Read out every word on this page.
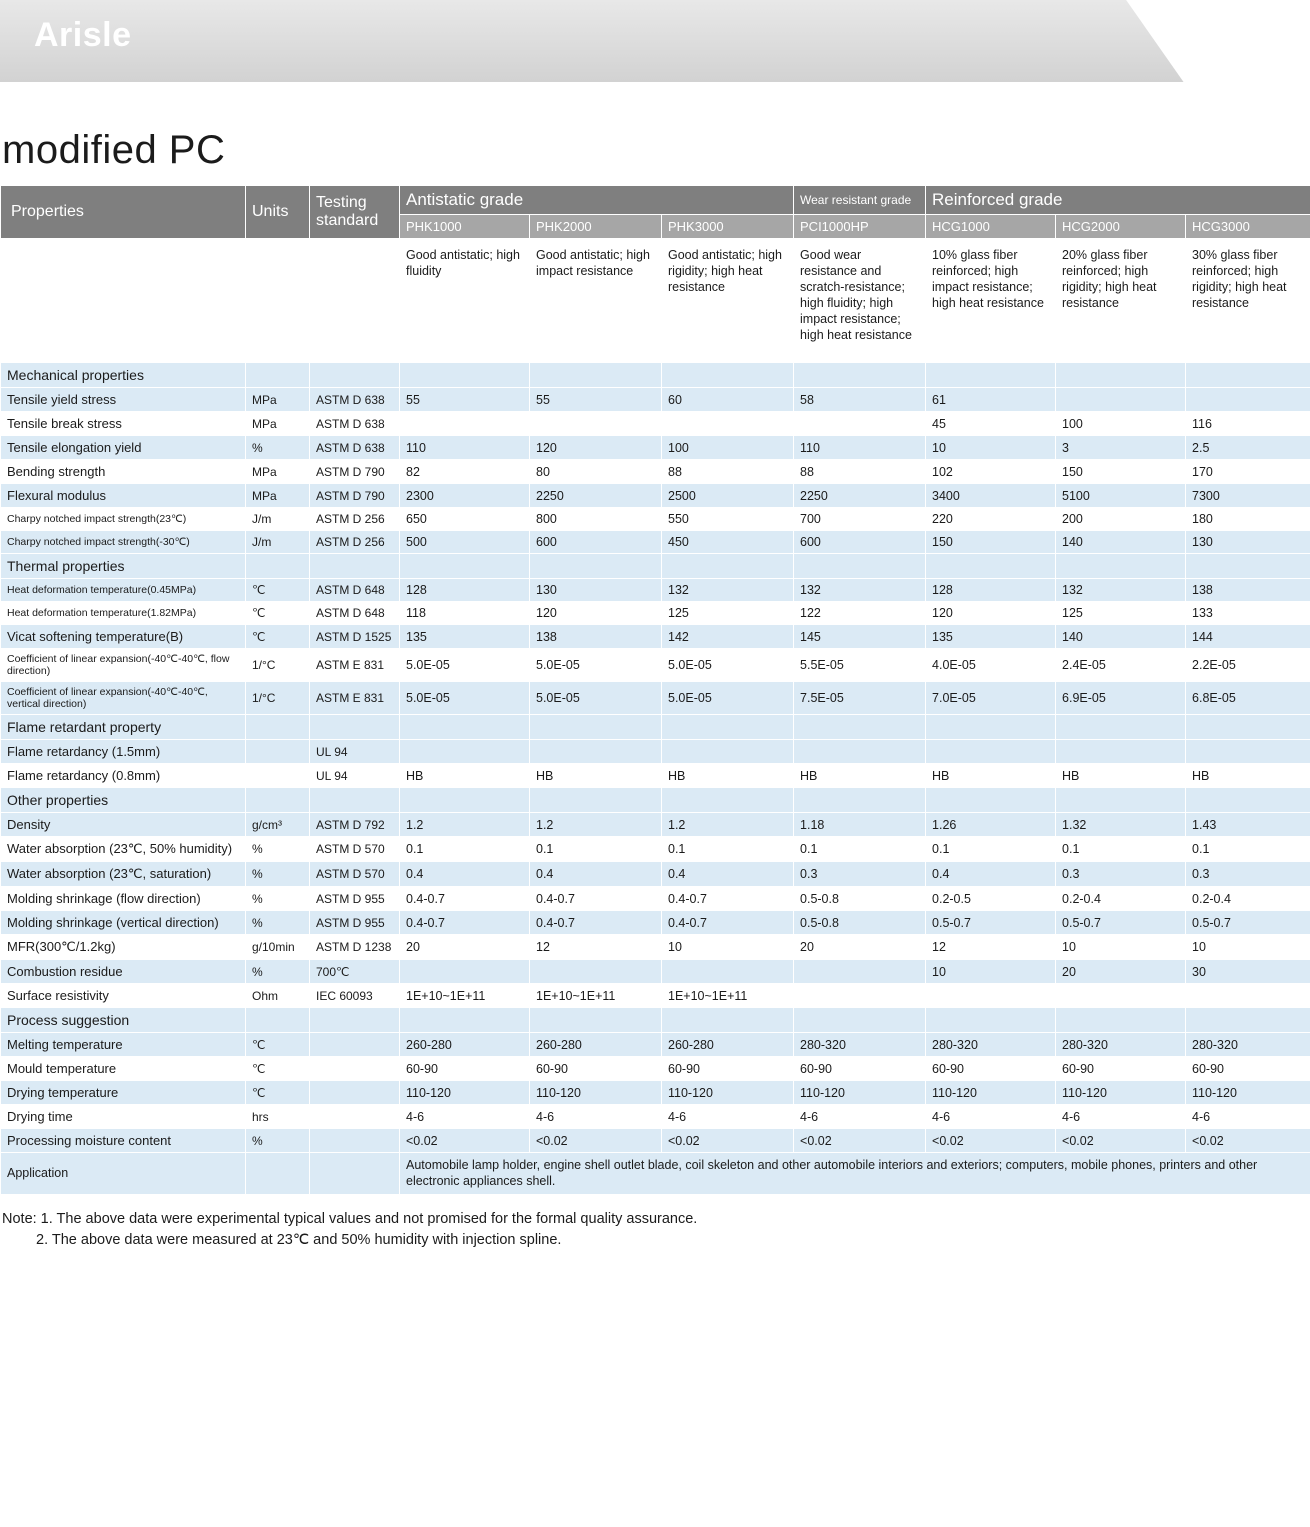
Arisle
modified PC
Properties	Units	Testing standard	Antistatic grade			Wear resistant grade	Reinforced grade		
			PHK1000	PHK2000	PHK3000	PCI1000HP	HCG1000	HCG2000	HCG3000
			Good antistatic; high fluidity	Good antistatic; high impact resistance	Good antistatic; high rigidity; high heat resistance	Good wear resistance and scratch-resistance; high fluidity; high impact resistance; high heat resistance	10% glass fiber reinforced; high impact resistance; high heat resistance	20% glass fiber reinforced; high rigidity; high heat resistance	30% glass fiber reinforced; high rigidity; high heat resistance
Mechanical properties									
Tensile yield stress	MPa	ASTM D 638	55	55	60	58	61		
Tensile break stress	MPa	ASTM D 638					45	100	116
Tensile elongation yield	%	ASTM D 638	110	120	100	110	10	3	2.5
Bending strength	MPa	ASTM D 790	82	80	88	88	102	150	170
Flexural modulus	MPa	ASTM D 790	2300	2250	2500	2250	3400	5100	7300
Charpy notched impact strength(23℃)	J/m	ASTM D 256	650	800	550	700	220	200	180
Charpy notched impact strength(-30℃)	J/m	ASTM D 256	500	600	450	600	150	140	130
Thermal properties									
Heat deformation temperature(0.45MPa)	℃	ASTM D 648	128	130	132	132	128	132	138
Heat deformation temperature(1.82MPa)	℃	ASTM D 648	118	120	125	122	120	125	133
Vicat softening temperature(B)	℃	ASTM D 1525	135	138	142	145	135	140	144
Coefficient of linear expansion(-40℃-40℃, flow direction)	1/°C	ASTM E 831	5.0E-05	5.0E-05	5.0E-05	5.5E-05	4.0E-05	2.4E-05	2.2E-05
Coefficient of linear expansion(-40℃-40℃, vertical direction)	1/°C	ASTM E 831	5.0E-05	5.0E-05	5.0E-05	7.5E-05	7.0E-05	6.9E-05	6.8E-05
Flame retardant property									
Flame retardancy (1.5mm)		UL 94							
Flame retardancy (0.8mm)		UL 94	HB	HB	HB	HB	HB	HB	HB
Other properties									
Density	g/cm³	ASTM D 792	1.2	1.2	1.2	1.18	1.26	1.32	1.43
Water absorption (23℃, 50% humidity)	%	ASTM D 570	0.1	0.1	0.1	0.1	0.1	0.1	0.1
Water absorption (23℃, saturation)	%	ASTM D 570	0.4	0.4	0.4	0.3	0.4	0.3	0.3
Molding shrinkage (flow direction)	%	ASTM D 955	0.4-0.7	0.4-0.7	0.4-0.7	0.5-0.8	0.2-0.5	0.2-0.4	0.2-0.4
Molding shrinkage (vertical direction)	%	ASTM D 955	0.4-0.7	0.4-0.7	0.4-0.7	0.5-0.8	0.5-0.7	0.5-0.7	0.5-0.7
MFR(300℃/1.2kg)	g/10min	ASTM D 1238	20	12	10	20	12	10	10
Combustion residue	%	700℃					10	20	30
Surface resistivity	Ohm	IEC 60093	1E+10~1E+11	1E+10~1E+11	1E+10~1E+11				
Process suggestion									
Melting temperature	℃		260-280	260-280	260-280	280-320	280-320	280-320	280-320
Mould temperature	℃		60-90	60-90	60-90	60-90	60-90	60-90	60-90
Drying temperature	℃		110-120	110-120	110-120	110-120	110-120	110-120	110-120
Drying time	hrs		4-6	4-6	4-6	4-6	4-6	4-6	4-6
Processing moisture content	%		<0.02	<0.02	<0.02	<0.02	<0.02	<0.02	<0.02
Application			Automobile lamp holder, engine shell outlet blade, coil skeleton and other automobile interiors and exteriors; computers, mobile phones, printers and other electronic appliances shell.						
Note: 1. The above data were experimental typical values and not promised for the formal quality assurance.
2. The above data were measured at 23℃ and 50% humidity with injection spline.
